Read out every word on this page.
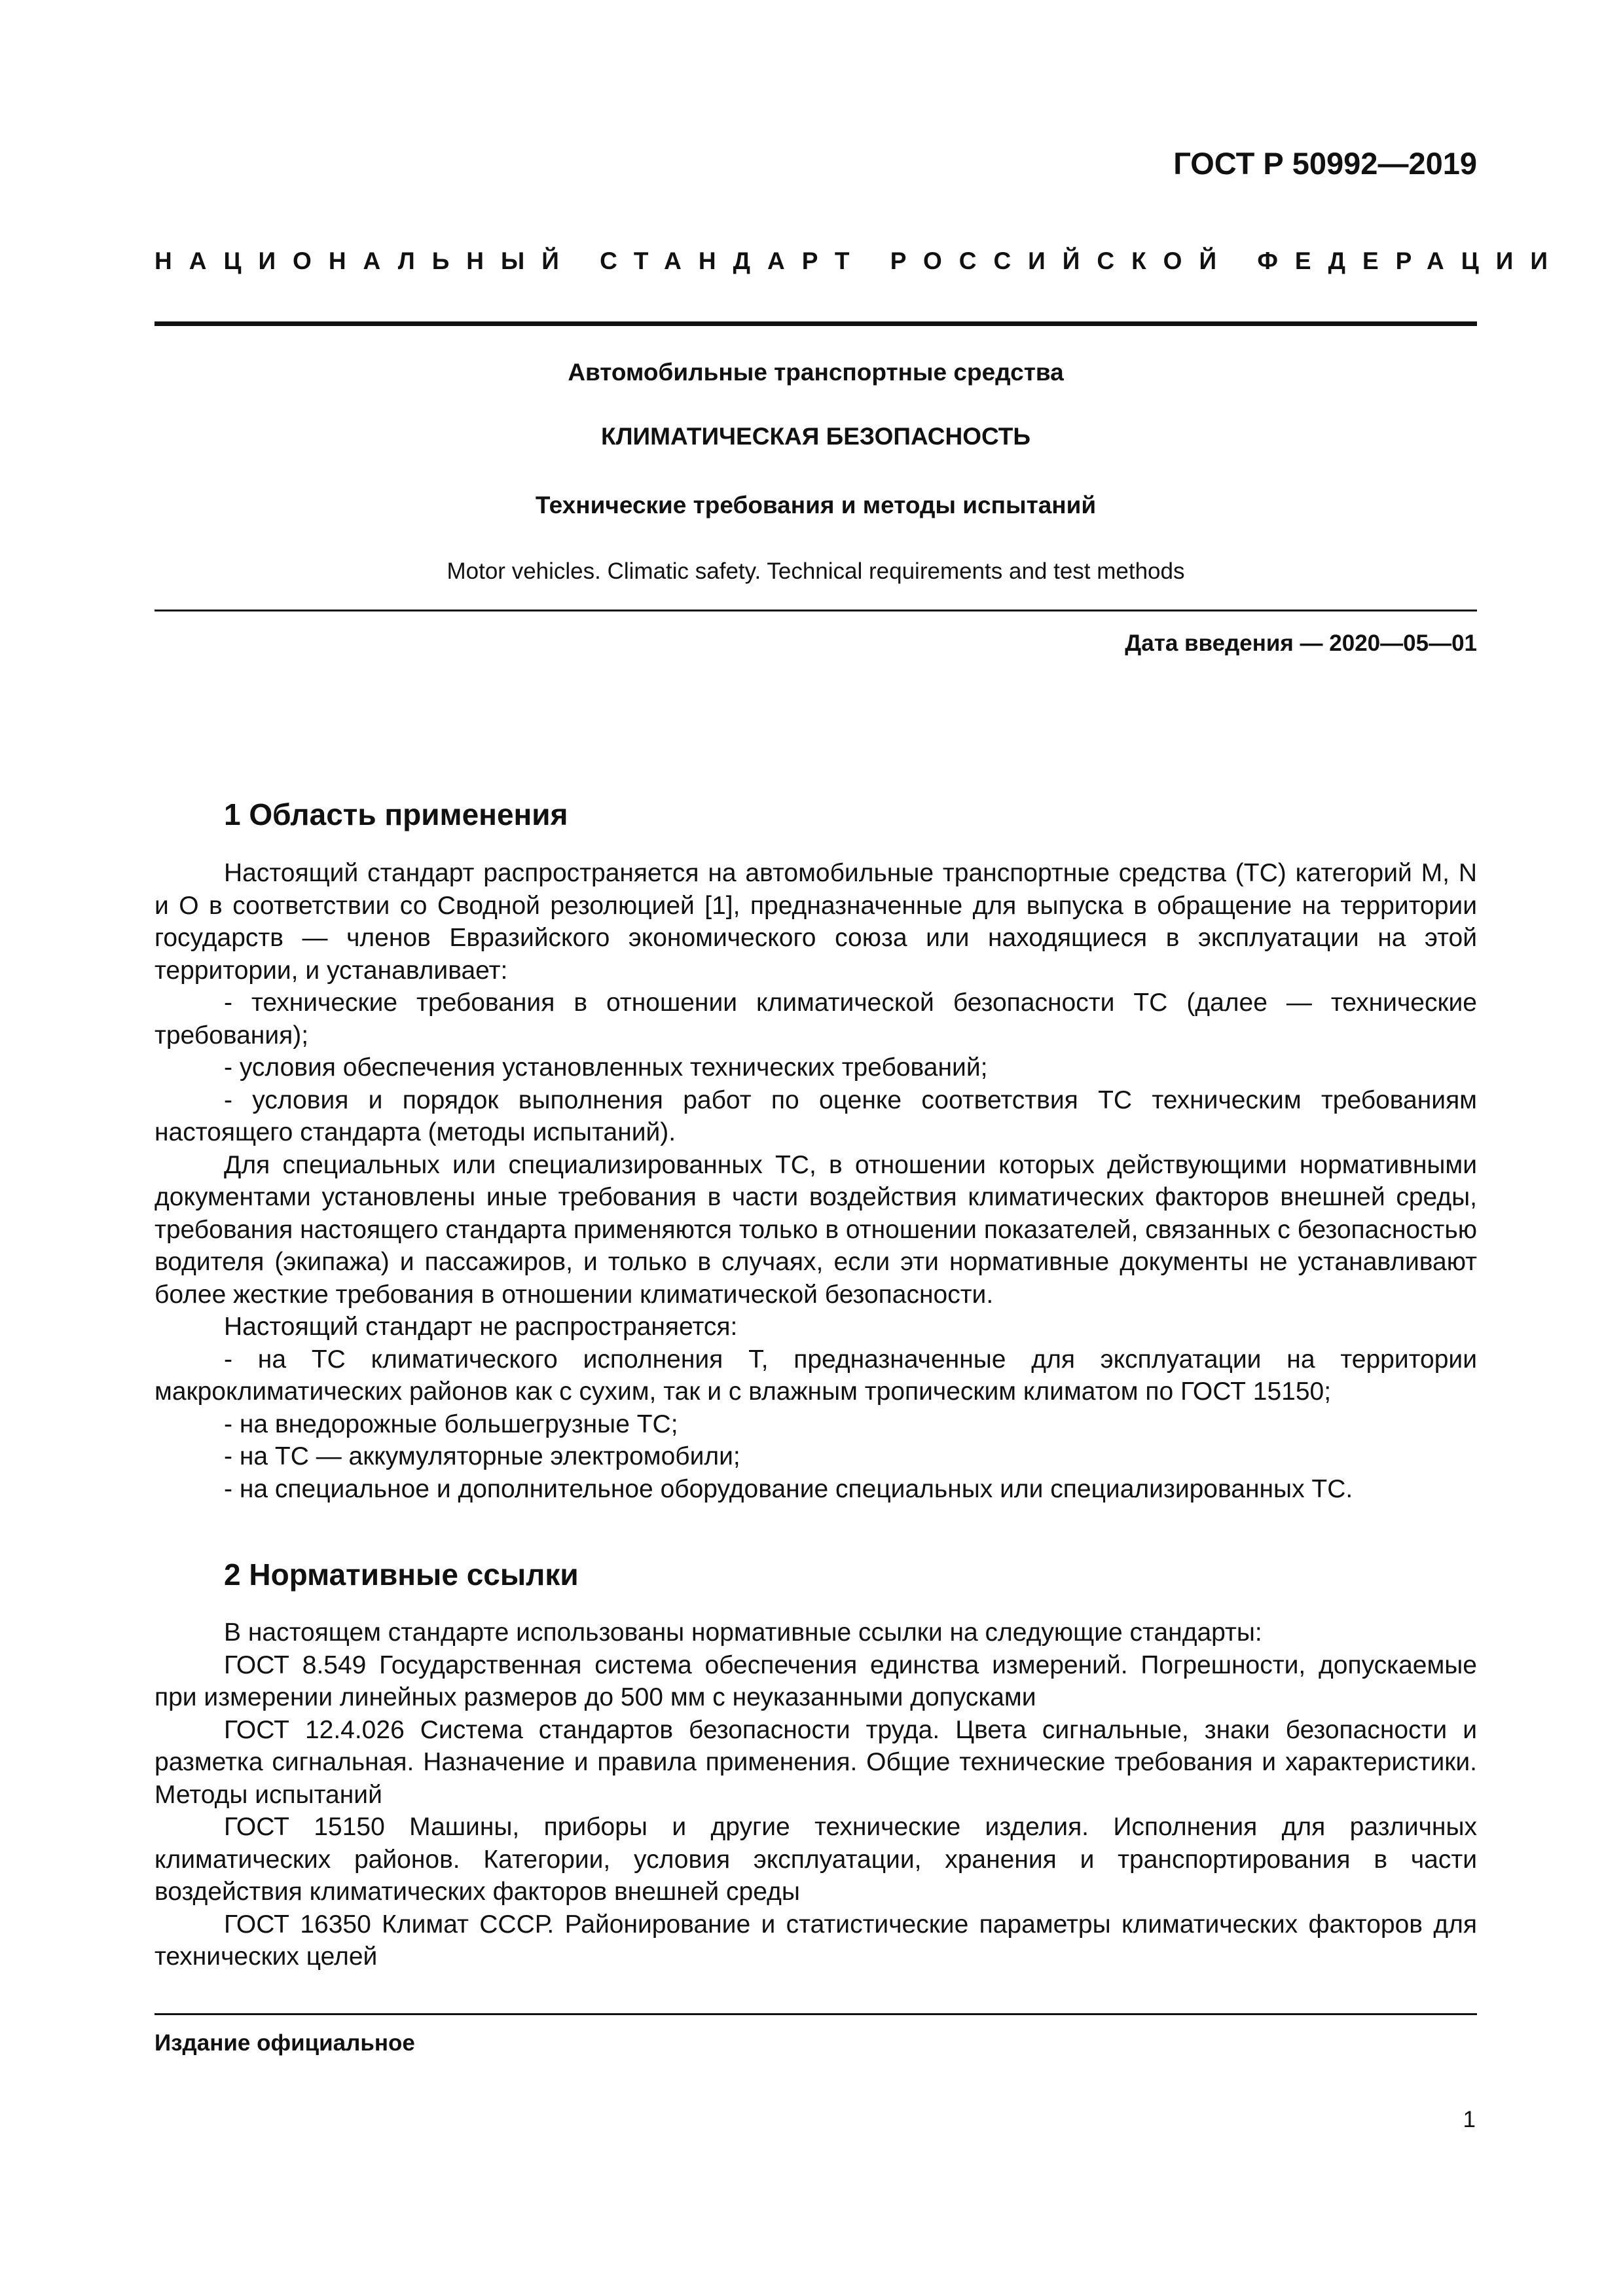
ГОСТ Р 50992—2019
НАЦИОНАЛЬНЫЙ СТАНДАРТ РОССИЙСКОЙ ФЕДЕРАЦИИ
Автомобильные транспортные средства
КЛИМАТИЧЕСКАЯ БЕЗОПАСНОСТЬ
Технические требования и методы испытаний
Motor vehicles. Climatic safety. Technical requirements and test methods
Дата введения — 2020—05—01
1 Область применения

Настоящий стандарт распространяется на автомобильные транспортные средства (ТС) категорий M, N и O в соответствии со Сводной резолюцией [1], предназначенные для выпуска в обращение на территории государств — членов Евразийского экономического союза или находящиеся в эксплуатации на этой территории, и устанавливает:

- технические требования в отношении климатической безопасности ТС (далее — технические требования);

- условия обеспечения установленных технических требований;

- условия и порядок выполнения работ по оценке соответствия ТС техническим требованиям настоящего стандарта (методы испытаний).

Для специальных или специализированных ТС, в отношении которых действующими нормативными документами установлены иные требования в части воздействия климатических факторов внешней среды, требования настоящего стандарта применяются только в отношении показателей, связанных с безопасностью водителя (экипажа) и пассажиров, и только в случаях, если эти нормативные документы не устанавливают более жесткие требования в отношении климатической безопасности.

Настоящий стандарт не распространяется:

- на ТС климатического исполнения Т, предназначенные для эксплуатации на территории макроклиматических районов как с сухим, так и с влажным тропическим климатом по ГОСТ 15150;

- на внедорожные большегрузные ТС;

- на ТС — аккумуляторные электромобили;

- на специальное и дополнительное оборудование специальных или специализированных ТС.

2 Нормативные ссылки

В настоящем стандарте использованы нормативные ссылки на следующие стандарты:

ГОСТ 8.549 Государственная система обеспечения единства измерений. Погрешности, допускаемые при измерении линейных размеров до 500 мм с неуказанными допусками

ГОСТ 12.4.026 Система стандартов безопасности труда. Цвета сигнальные, знаки безопасности и разметка сигнальная. Назначение и правила применения. Общие технические требования и характеристики. Методы испытаний

ГОСТ 15150 Машины, приборы и другие технические изделия. Исполнения для различных климатических районов. Категории, условия эксплуатации, хранения и транспортирования в части воздействия климатических факторов внешней среды

ГОСТ 16350 Климат СССР. Районирование и статистические параметры климатических факторов для технических целей

Издание официальное
1
